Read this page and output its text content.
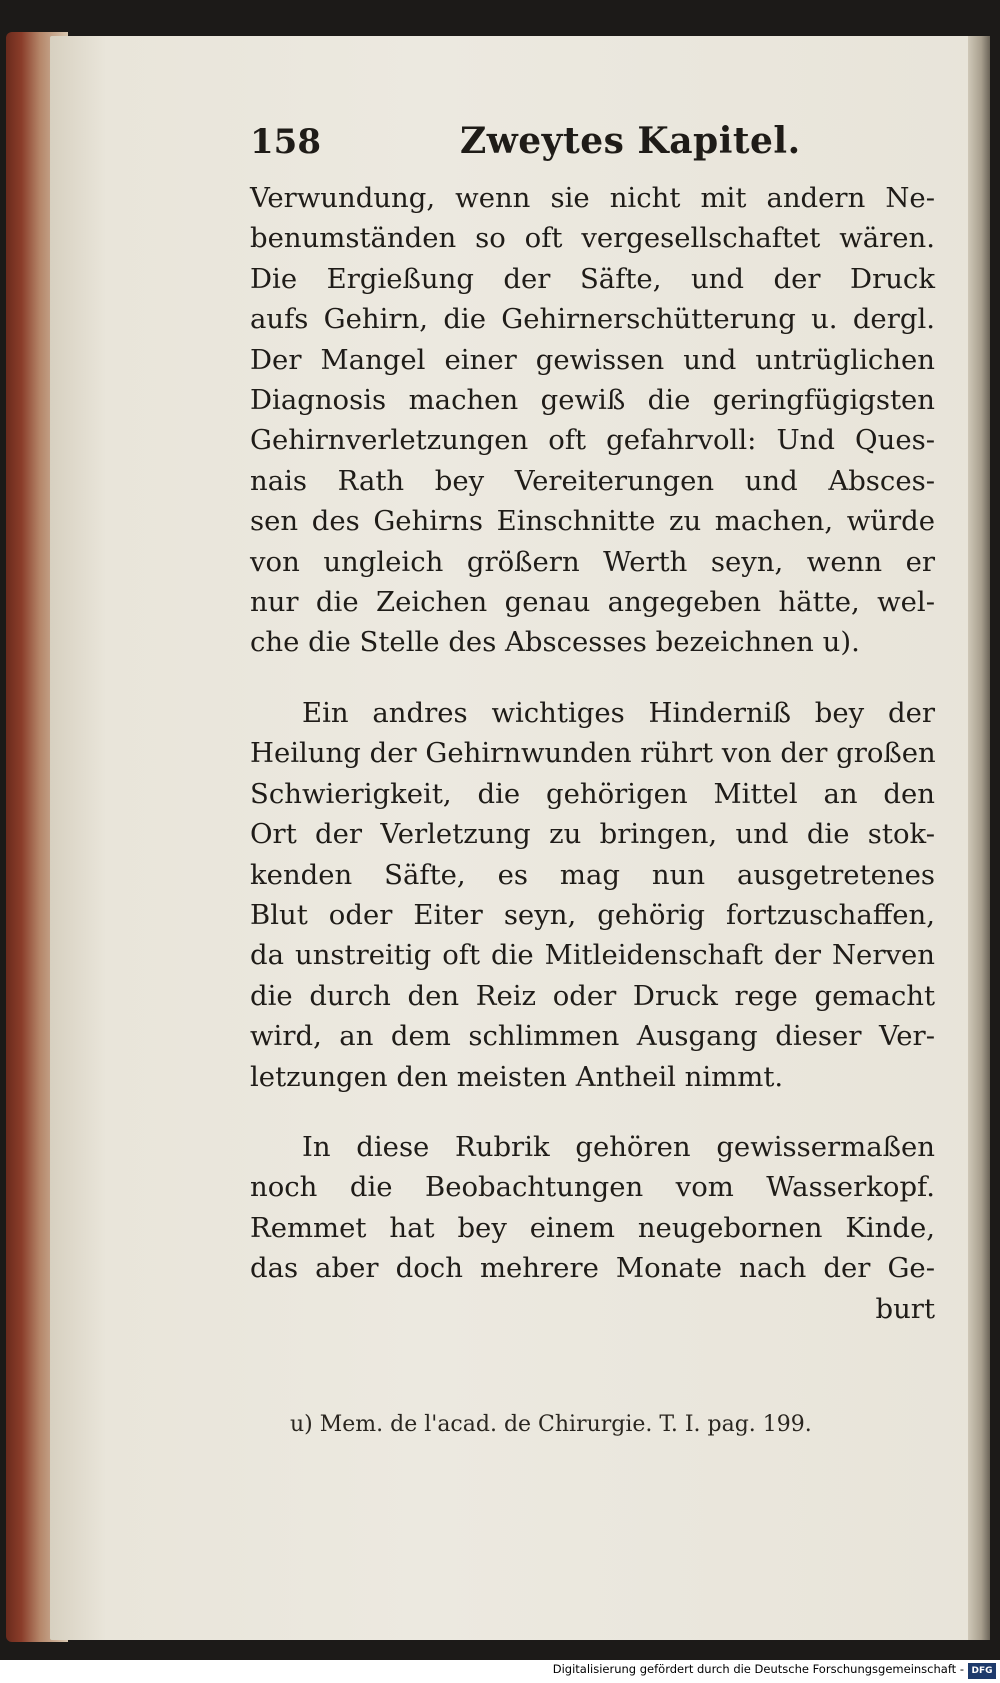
158	Zweytes Kapitel.

Verwundung, wenn sie nicht mit andern Ne-
benumständen so oft vergesellschaftet wären.
Die Ergießung der Säfte, und der Druck
aufs Gehirn, die Gehirnerschütterung u. dergl.
Der Mangel einer gewissen und untrüglichen
Diagnosis machen gewiß die geringfügigsten
Gehirnverletzungen oft gefahrvoll: Und Ques-
nais Rath bey Vereiterungen und Absces-
sen des Gehirns Einschnitte zu machen, würde
von ungleich größern Werth seyn, wenn er
nur die Zeichen genau angegeben hätte, wel-
che die Stelle des Abscesses bezeichnen u).

Ein andres wichtiges Hinderniß bey der
Heilung der Gehirnwunden rührt von der großen
Schwierigkeit, die gehörigen Mittel an den
Ort der Verletzung zu bringen, und die stok-
kenden Säfte, es mag nun ausgetretenes
Blut oder Eiter seyn, gehörig fortzuschaffen,
da unstreitig oft die Mitleidenschaft der Nerven
die durch den Reiz oder Druck rege gemacht
wird, an dem schlimmen Ausgang dieser Ver-
letzungen den meisten Antheil nimmt.

In diese Rubrik gehören gewissermaßen
noch die Beobachtungen vom Wasserkopf.
Remmet hat bey einem neugebornen Kinde,
das aber doch mehrere Monate nach der Ge-
burt

u) Mem. de l'acad. de Chirurgie. T. I. pag. 199.
Digitalisierung gefördert durch die Deutsche Forschungsgemeinschaft - DFG
